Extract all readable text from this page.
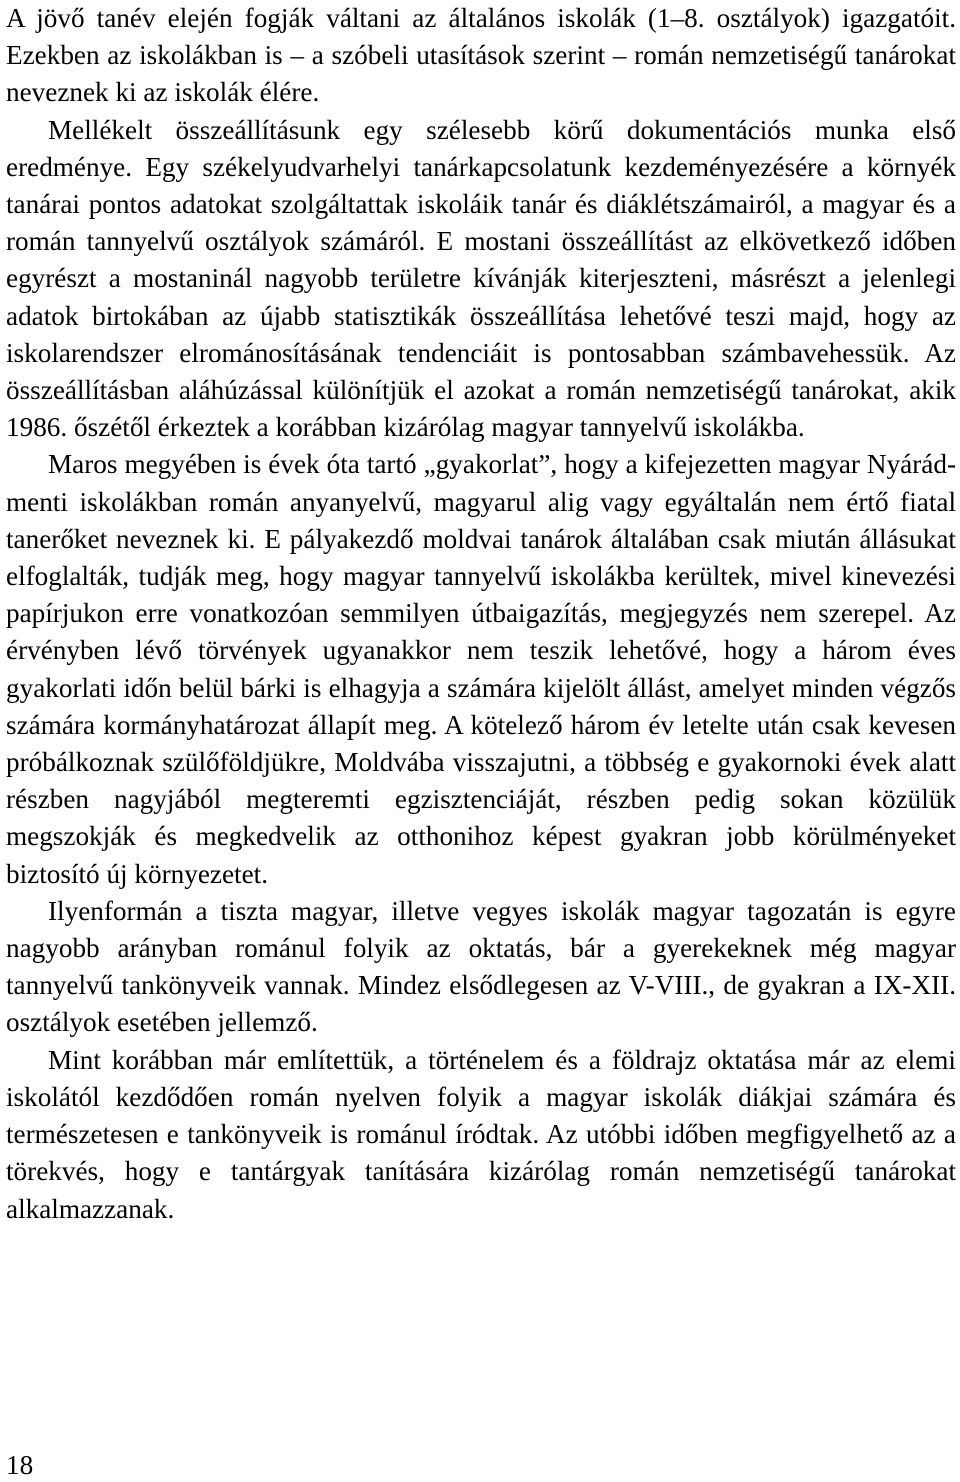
A jövő tanév elején fogják váltani az általános iskolák (1–8. osztályok) igazgatóit. Ezekben az iskolákban is – a szóbeli utasítások szerint – román nemzetiségű tanárokat neveznek ki az iskolák élére.

Mellékelt összeállításunk egy szélesebb körű dokumentációs munka első eredménye. Egy székelyudvarhelyi tanárkapcsolatunk kezdeményezésére a környék tanárai pontos adatokat szolgáltattak iskoláik tanár és diáklétszámairól, a magyar és a román tannyelvű osztályok számáról. E mostani összeállítást az elkövetkező időben egyrészt a mostaninál nagyobb területre kívánják kiterjeszteni, másrészt a jelenlegi adatok birtokában az újabb statisztikák összeállítása lehetővé teszi majd, hogy az iskolarendszer elrománosításának tendenciáit is pontosabban számbavehessük. Az összeállításban aláhúzással különítjük el azokat a román nemzetiségű tanárokat, akik 1986. őszétől érkeztek a korábban kizárólag magyar tannyelvű iskolákba.

Maros megyében is évek óta tartó „gyakorlat”, hogy a kifejezetten magyar Nyárád-menti iskolákban román anyanyelvű, magyarul alig vagy egyáltalán nem értő fiatal tanerőket neveznek ki. E pályakezdő moldvai tanárok általában csak miután állásukat elfoglalták, tudják meg, hogy magyar tannyelvű iskolákba kerültek, mivel kinevezési papírjukon erre vonatkozóan semmilyen útbaigazítás, megjegyzés nem szerepel. Az érvényben lévő törvények ugyanakkor nem teszik lehetővé, hogy a három éves gyakorlati időn belül bárki is elhagyja a számára kijelölt állást, amelyet minden végzős számára kormányhatározat állapít meg. A kötelező három év letelte után csak kevesen próbálkoznak szülőföldjükre, Moldvába visszajutni, a többség e gyakornoki évek alatt részben nagyjából megteremti egzisztenciáját, részben pedig sokan közülük megszokják és megkedvelik az otthonihoz képest gyakran jobb körülményeket biztosító új környezetet.

Ilyenformán a tiszta magyar, illetve vegyes iskolák magyar tagozatán is egyre nagyobb arányban románul folyik az oktatás, bár a gyerekeknek még magyar tannyelvű tankönyveik vannak. Mindez elsődlegesen az V-VIII., de gyakran a IX-XII. osztályok esetében jellemző.

Mint korábban már említettük, a történelem és a földrajz oktatása már az elemi iskolától kezdődően román nyelven folyik a magyar iskolák diákjai számára és természetesen e tankönyveik is románul íródtak. Az utóbbi időben megfigyelhető az a törekvés, hogy e tantárgyak tanítására kizárólag román nemzetiségű tanárokat alkalmazzanak.

18
